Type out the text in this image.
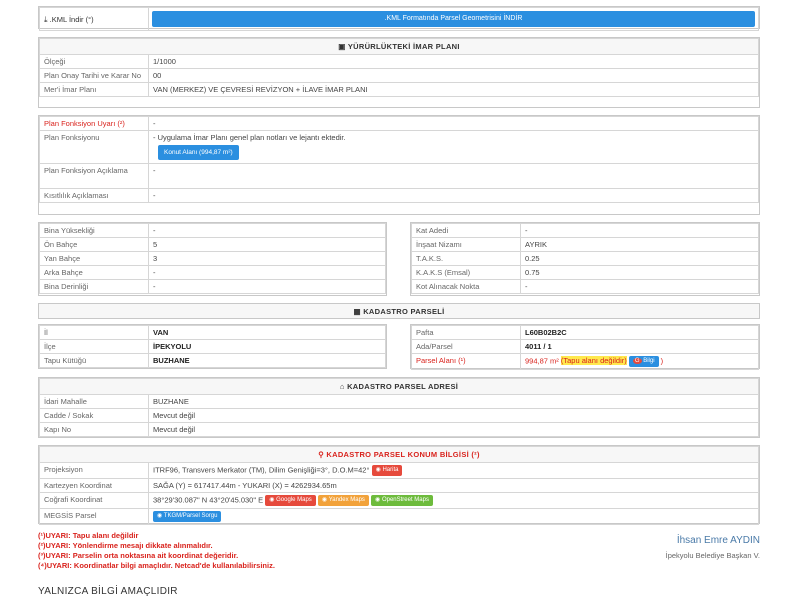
⤓ .KML İndir (°)	.KML Formatında Parsel Geometrisini İNDİR
▣ YÜRÜRLÜKTEKİ İMAR PLANI	
Ölçeği	1/1000
Plan Onay Tarihi ve Karar No	00
Mer'i İmar Planı	VAN (MERKEZ) VE ÇEVRESİ REVİZYON + İLAVE İMAR PLANI
Plan Fonksiyon Uyarı (²)	-
Plan Fonksiyonu	- Uygulama İmar Planı genel plan notları ve lejantı ektedir.
Konut Alanı (994,87 m²)
Plan Fonksiyon Açıklama	-
Kısıtlılık Açıklaması	-
Bina Yüksekliği	-
Ön Bahçe	5
Yan Bahçe	3
Arka Bahçe	-
Bina Derinliği	-
Kat Adedi	-
İnşaat Nizamı	AYRIK
T.A.K.S.	0.25
K.A.K.S (Emsal)	0.75
Kot Alınacak Nokta	-
▦ KADASTRO PARSELİ
İl	VAN
İlçe	İPEKYOLU
Tapu Kütüğü	BUZHANE
Pafta	L60B02B2C
Ada/Parsel	4011 / 1
Parsel Alanı (¹)	994,87 m² (Tapu alanı değildir) G Bilgi )
⌂ KADASTRO PARSEL ADRESİ	
İdari Mahalle	BUZHANE
Cadde / Sokak	Mevcut değil
Kapı No	Mevcut değil
⚲ KADASTRO PARSEL KONUM BİLGİSİ (²)	
Projeksiyon	ITRF96, Transvers Merkator (TM), Dilim Genişliği=3°, D.O.M=42° ◉ Harita
Kartezyen Koordinat	SAĞA (Y) = 617417.44m - YUKARI (X) = 4262934.65m
Coğrafi Koordinat	38°29'30.087" N 43°20'45.030" E ◉ Google Maps ◉ Yandex Maps ◉ OpenStreet Maps
MEGSİS Parsel	◉ TKGM/Parsel Sorgu
(¹)UYARI: Tapu alanı değildir
(²)UYARI: Yönlendirme mesajı dikkate alınmalıdır.
(³)UYARI: Parselin orta noktasına ait koordinat değeridir.
(⁴)UYARI: Koordinatlar bilgi amaçlıdır. Netcad'de kullanılabilirsiniz.
İhsan Emre AYDIN
İpekyolu Belediye Başkan V.
YALNIZCA BİLGİ AMAÇLIDIR
